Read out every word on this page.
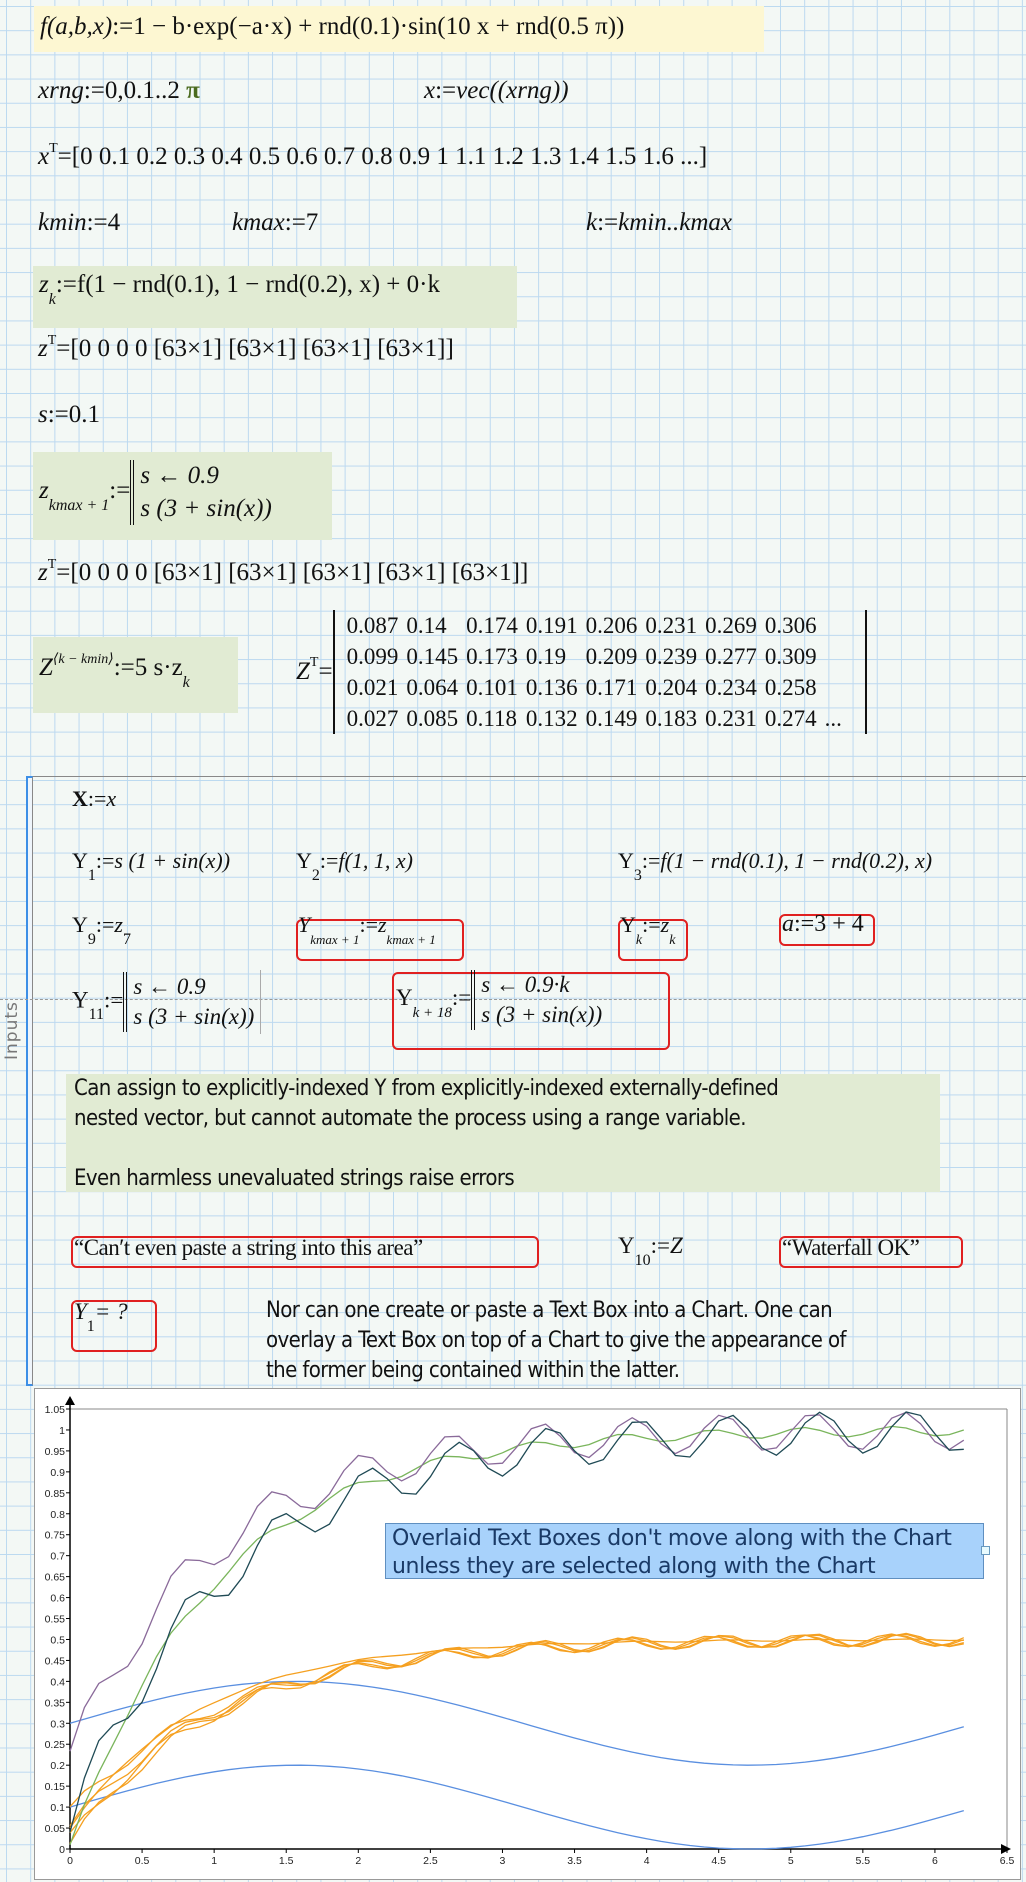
f(a,b,x):=1 − b·exp(−a·x) + rnd(0.1)·sin(10 x + rnd(0.5 π))
xrng:=0,0.1..2 π	x:=vec((xrng))
$x^T=[0$ 0.1 0.2 0.3 0.4 0.5 0.6 0.7 0.8 0.9 1 1.1 1.2 1.3 1.4 1.5 1.6 ...]
kmin:=4	kmax:=7	k:=kmin..kmax
$z_k:=f(1 - rnd(0.1)$, 1 − rnd(0.2), x) + 0·k
$z^T=[0$ 0 0 0 [63×1] [63×1] [63×1] [63×1]]
s:=0.1
$z_{kmax + 1}:=s$ ← 0.9
s (3 + sin(x))
$z^T=[0$ 0 0 0 [63×1] [63×1] [63×1] [63×1] [63×1]]
$Z^{⟨k - kmin⟩}:=5$ $s\cdot z_k$	$Z^T=$
0.087	0.14	0.174	0.191	0.206	0.231	0.269	0.306	
0.099	0.145	0.173	0.19	0.209	0.239	0.277	0.309	
0.021	0.064	0.101	0.136	0.171	0.204	0.234	0.258	
0.027	0.085	0.118	0.132	0.149	0.183	0.231	0.274	...
Inputs
X:=x
$Y_1:=s$ (1 + sin(x))	$Y_2:=f(1$, 1, x)	$Y_3:=f(1 - rnd(0.1)$, 1 − rnd(0.2), x)
$Y_9:=z_7$
$Y_{kmax + 1}:=z_{kmax + 1}$
$Y_k:=z_k$
a:=3 + 4
$Y_{11}:=s$ ← 0.9
s (3 + sin(x))
$Y_{k + 18}:=s$ ← 0.9·k
s (3 + sin(x))
Can assign to explicitly-indexed Y from explicitly-indexed externally-defined
nested vector, but cannot automate the process using a range variable.
Even harmless unevaluated strings raise errors
“Can′t even paste a string into this area”	$Y_{10}:=Z$	“Waterfall OK”
$Y_1=$ ?	Nor can one create or paste a Text Box into a Chart. One can
overlay a Text Box on top of a Chart to give the appearance of
the former being contained within the latter.
0
0.05
0.1
0.15
0.2
0.25
0.3
0.35
0.4
0.45
0.5
0.55
0.6
0.65
0.7
0.75
0.8
0.85
0.9
0.95
1
1.05
0	0.5	1	1.5	2	2.5	3	3.5	4	4.5	5	5.5	6	6.5
Overlaid Text Boxes don't move along with the Chart
unless they are selected along with the Chart
